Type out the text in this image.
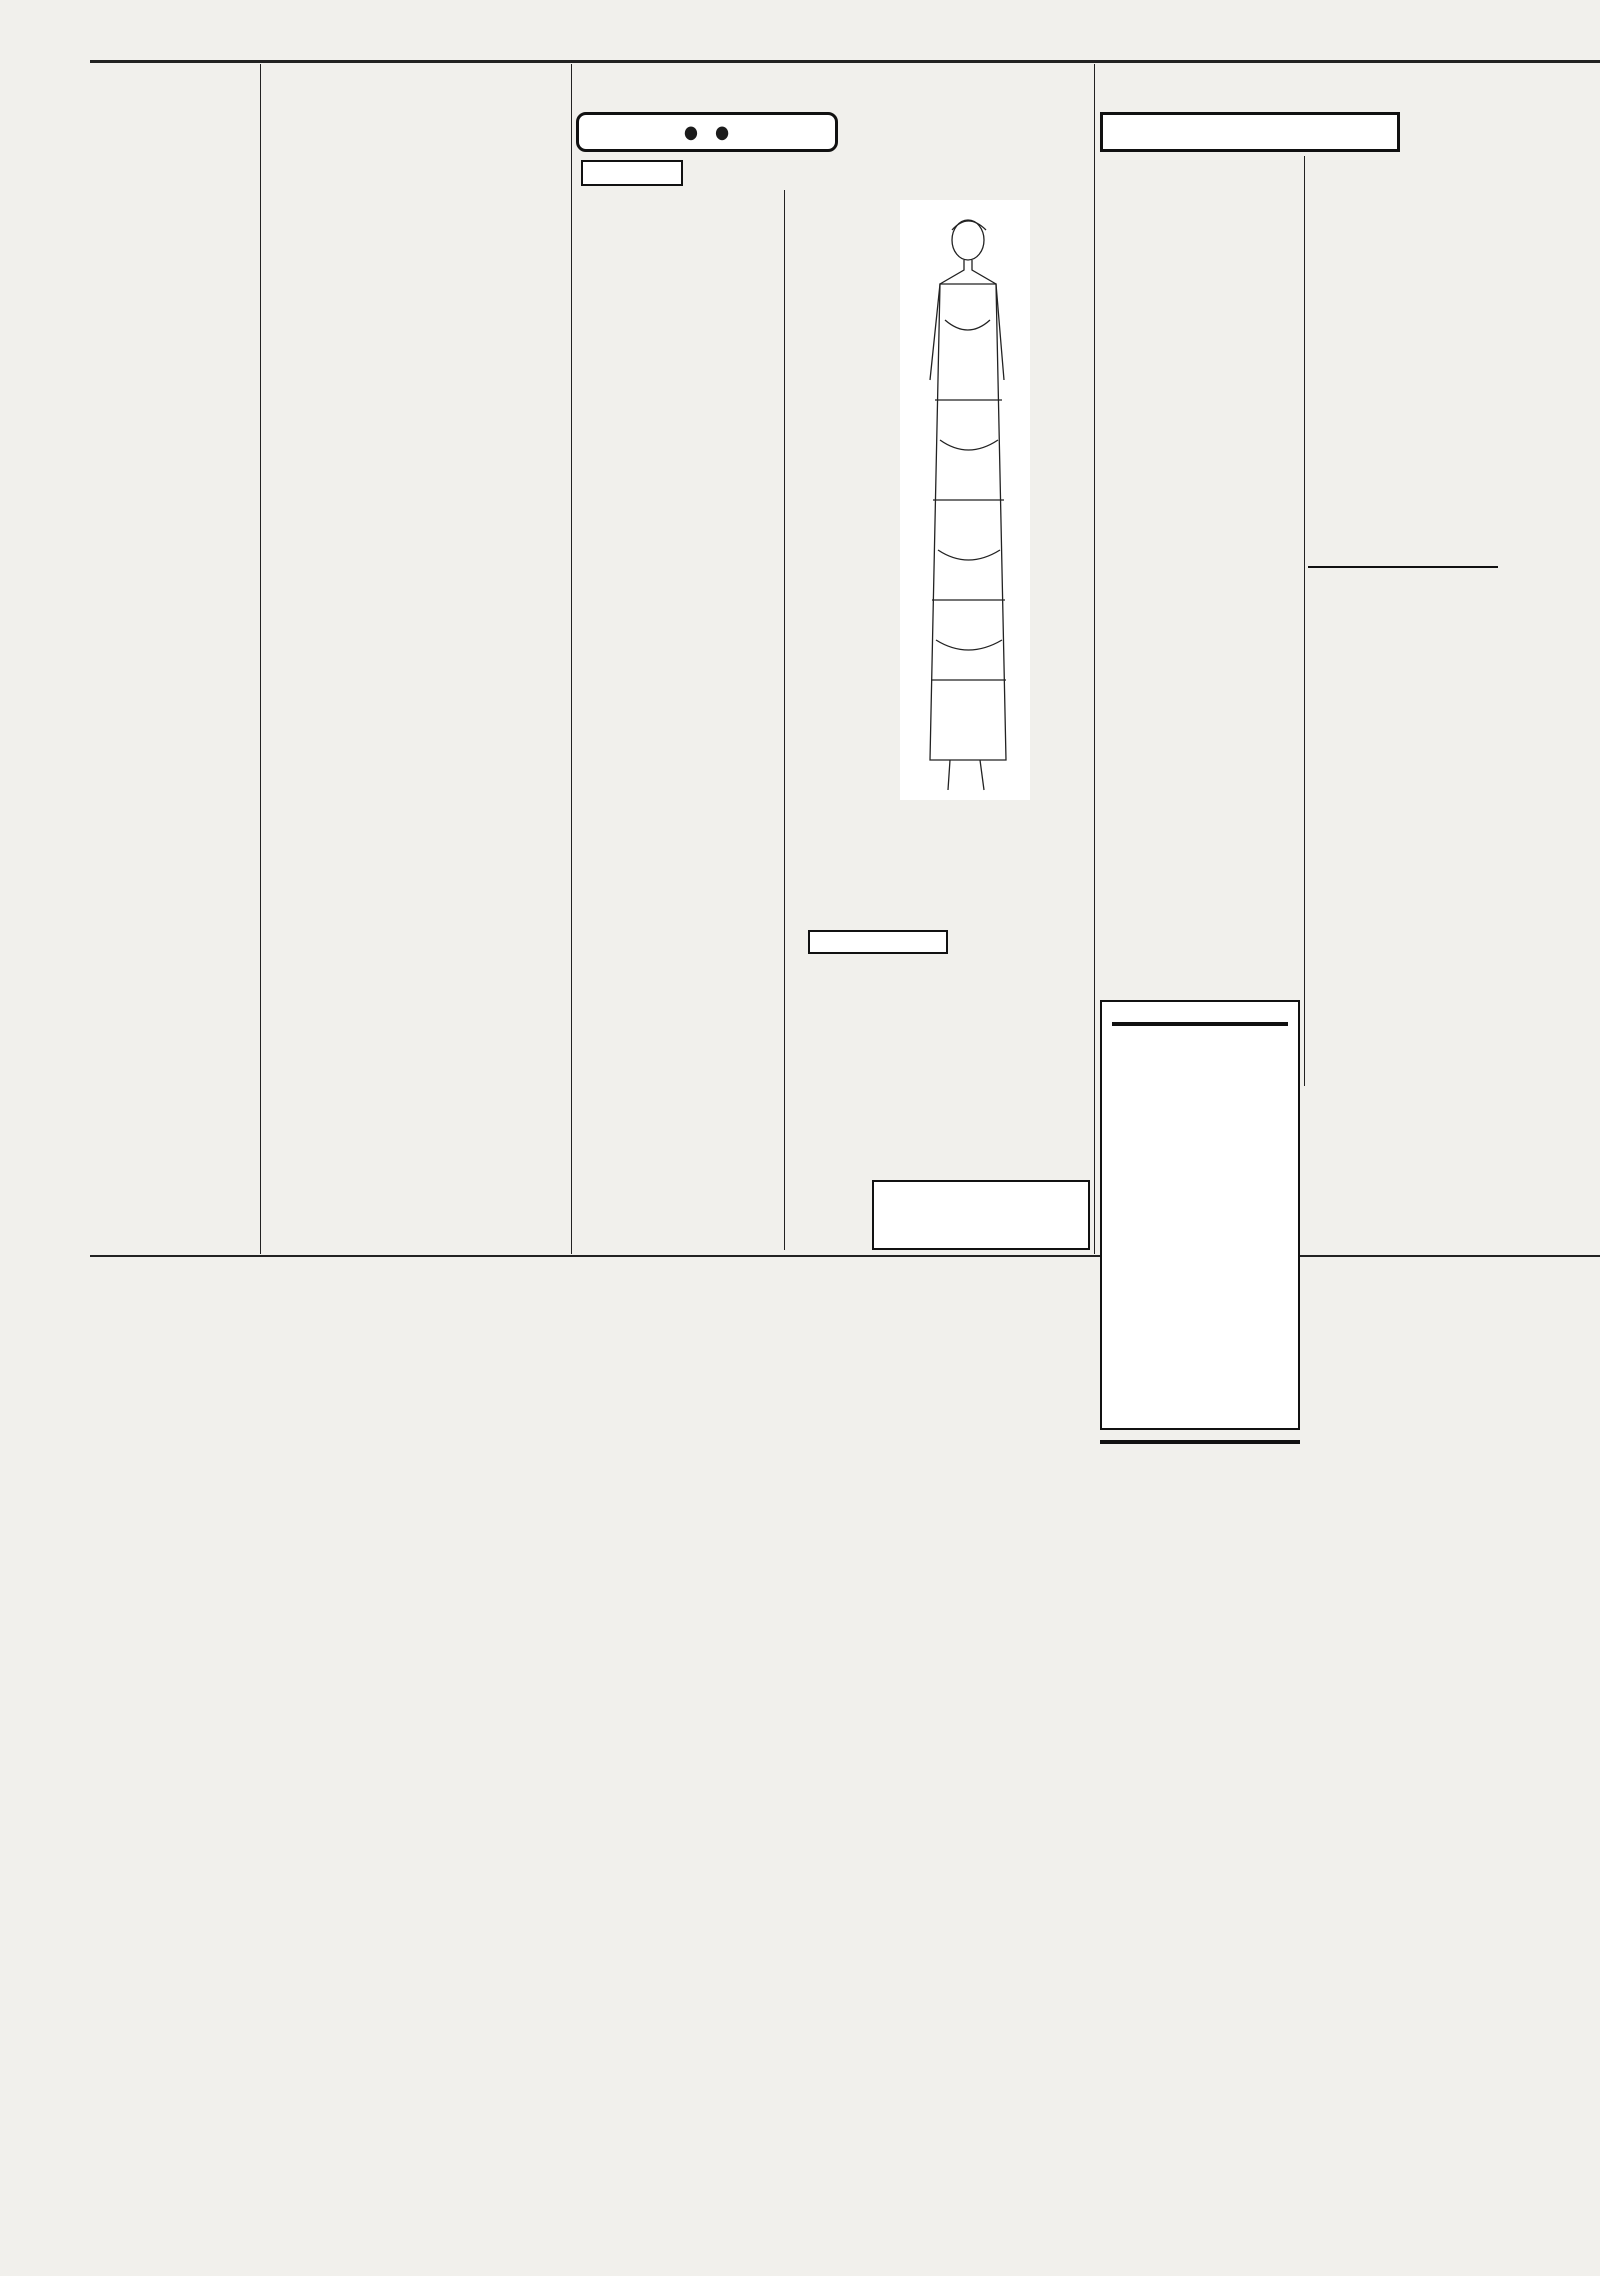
● ●
